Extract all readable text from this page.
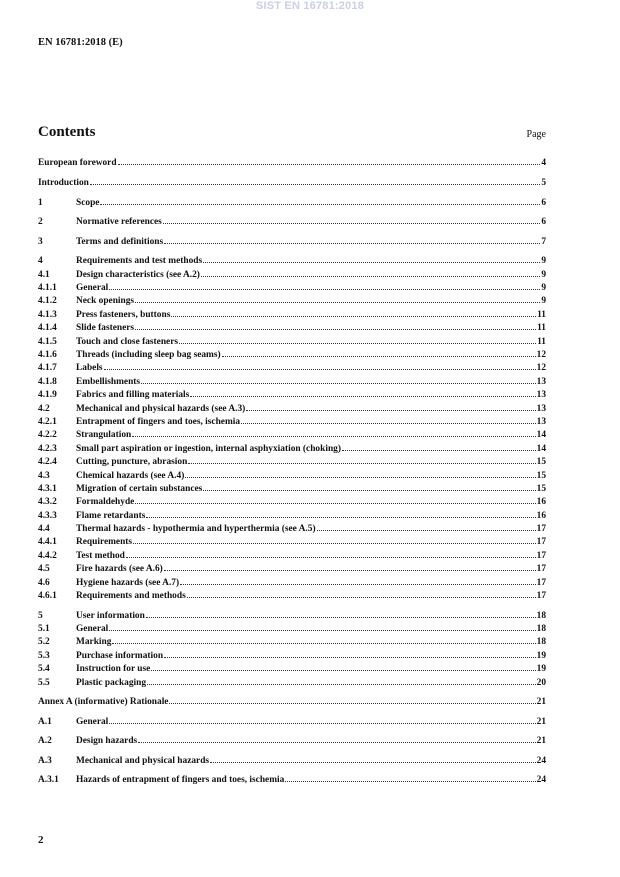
SIST EN 16781:2018
EN 16781:2018 (E)
Contents	Page
European foreword	4
Introduction	5
1	Scope	6
2	Normative references	6
3	Terms and definitions	7
4	Requirements and test methods	9
4.1	Design characteristics (see A.2)	9
4.1.1	General	9
4.1.2	Neck openings	9
4.1.3	Press fasteners, buttons	11
4.1.4	Slide fasteners	11
4.1.5	Touch and close fasteners	11
4.1.6	Threads (including sleep bag seams)	12
4.1.7	Labels	12
4.1.8	Embellishments	13
4.1.9	Fabrics and filling materials	13
4.2	Mechanical and physical hazards (see A.3)	13
4.2.1	Entrapment of fingers and toes, ischemia	13
4.2.2	Strangulation	14
4.2.3	Small part aspiration or ingestion, internal asphyxiation (choking)	14
4.2.4	Cutting, puncture, abrasion	15
4.3	Chemical hazards (see A.4)	15
4.3.1	Migration of certain substances	15
4.3.2	Formaldehyde	16
4.3.3	Flame retardants	16
4.4	Thermal hazards - hypothermia and hyperthermia (see A.5)	17
4.4.1	Requirements	17
4.4.2	Test method	17
4.5	Fire hazards (see A.6)	17
4.6	Hygiene hazards (see A.7)	17
4.6.1	Requirements and methods	17
5	User information	18
5.1	General	18
5.2	Marking	18
5.3	Purchase information	19
5.4	Instruction for use	19
5.5	Plastic packaging	20
Annex A (informative) Rationale	21
A.1	General	21
A.2	Design hazards	21
A.3	Mechanical and physical hazards	24
A.3.1	Hazards of entrapment of fingers and toes, ischemia	24
2
